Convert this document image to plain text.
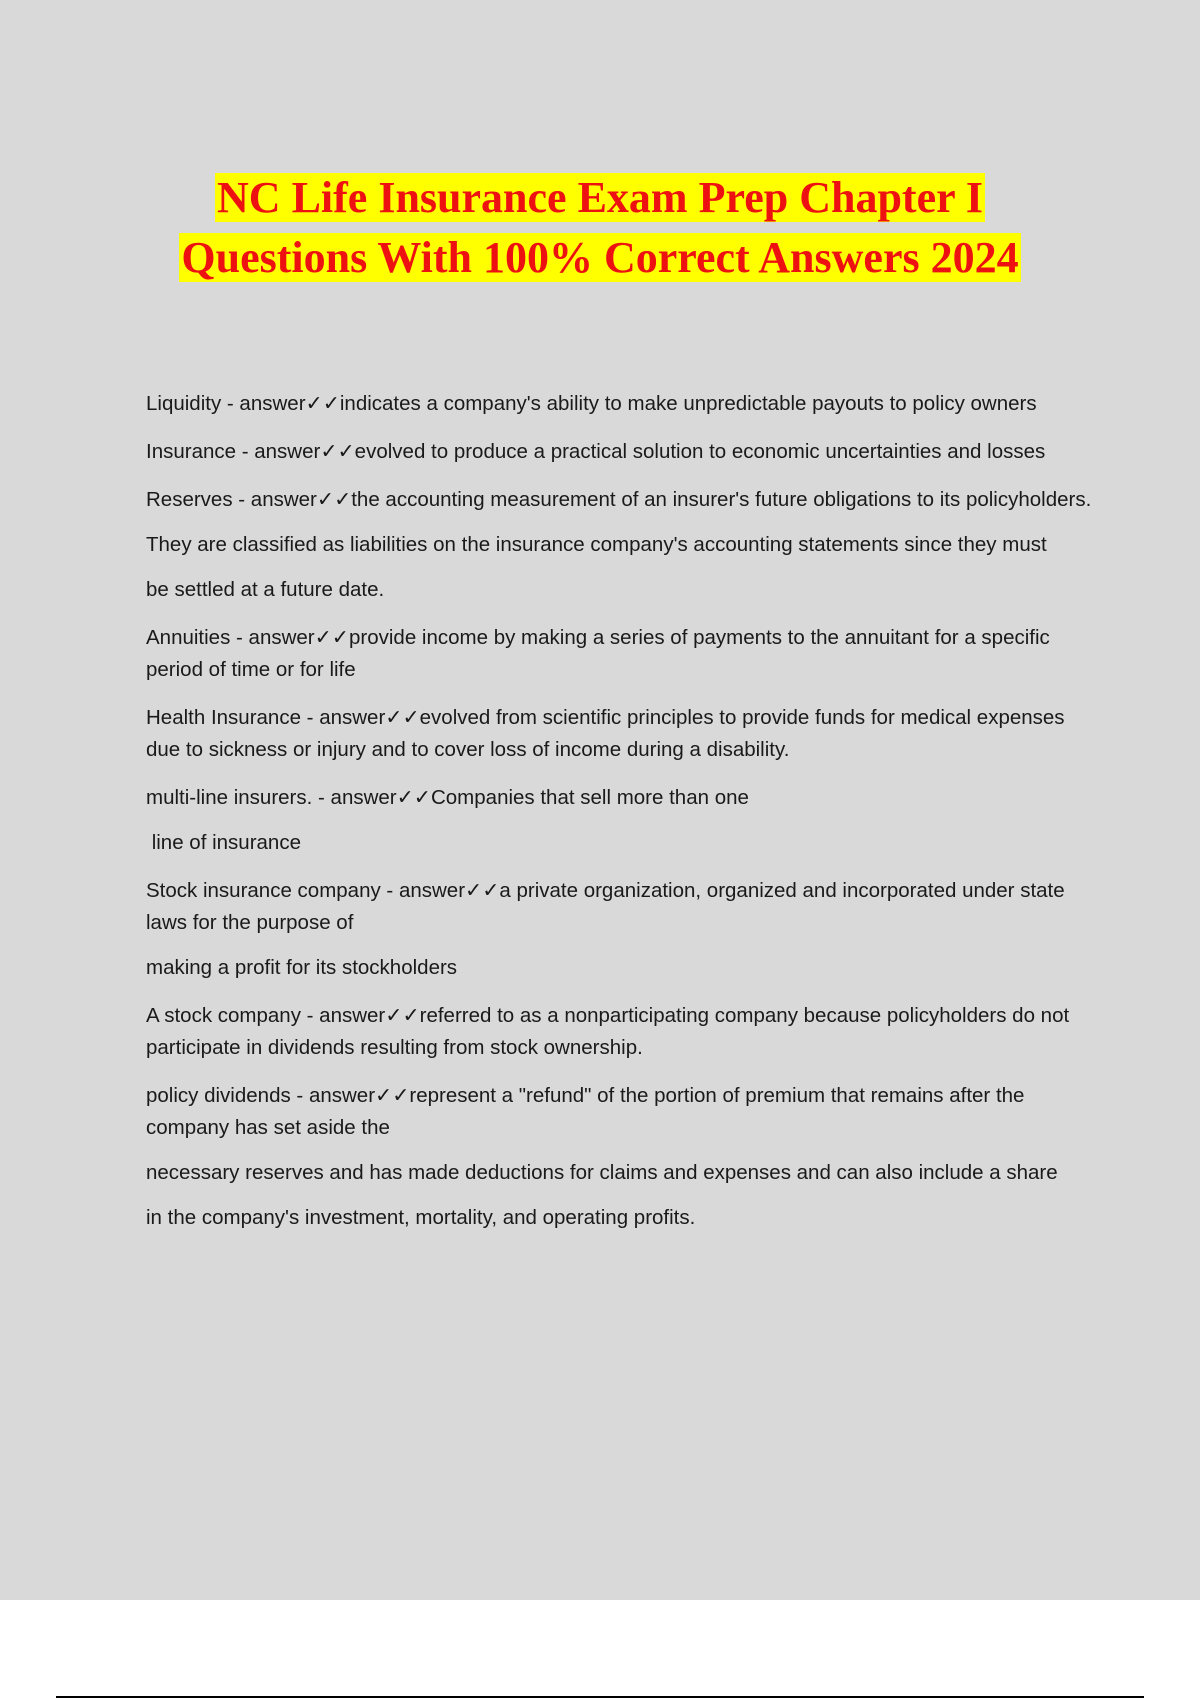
NC Life Insurance Exam Prep Chapter I
Questions With 100% Correct Answers 2024

Liquidity - answer✓✓indicates a company's ability to make unpredictable payouts to policy owners

Insurance - answer✓✓evolved to produce a practical solution to economic uncertainties and losses

Reserves - answer✓✓the accounting measurement of an insurer's future obligations to its policyholders.

They are classified as liabilities on the insurance company's accounting statements since they must

be settled at a future date.

Annuities - answer✓✓provide income by making a series of payments to the annuitant for a specific period of time or for life

Health Insurance - answer✓✓evolved from scientific principles to provide funds for medical expenses due to sickness or injury and to cover loss of income during a disability.

multi-line insurers. - answer✓✓Companies that sell more than one

line of insurance

Stock insurance company - answer✓✓a private organization, organized and incorporated under state laws for the purpose of

making a profit for its stockholders

A stock company - answer✓✓referred to as a nonparticipating company because policyholders do not participate in dividends resulting from stock ownership.

policy dividends - answer✓✓represent a "refund" of the portion of premium that remains after the company has set aside the

necessary reserves and has made deductions for claims and expenses and can also include a share

in the company's investment, mortality, and operating profits.
